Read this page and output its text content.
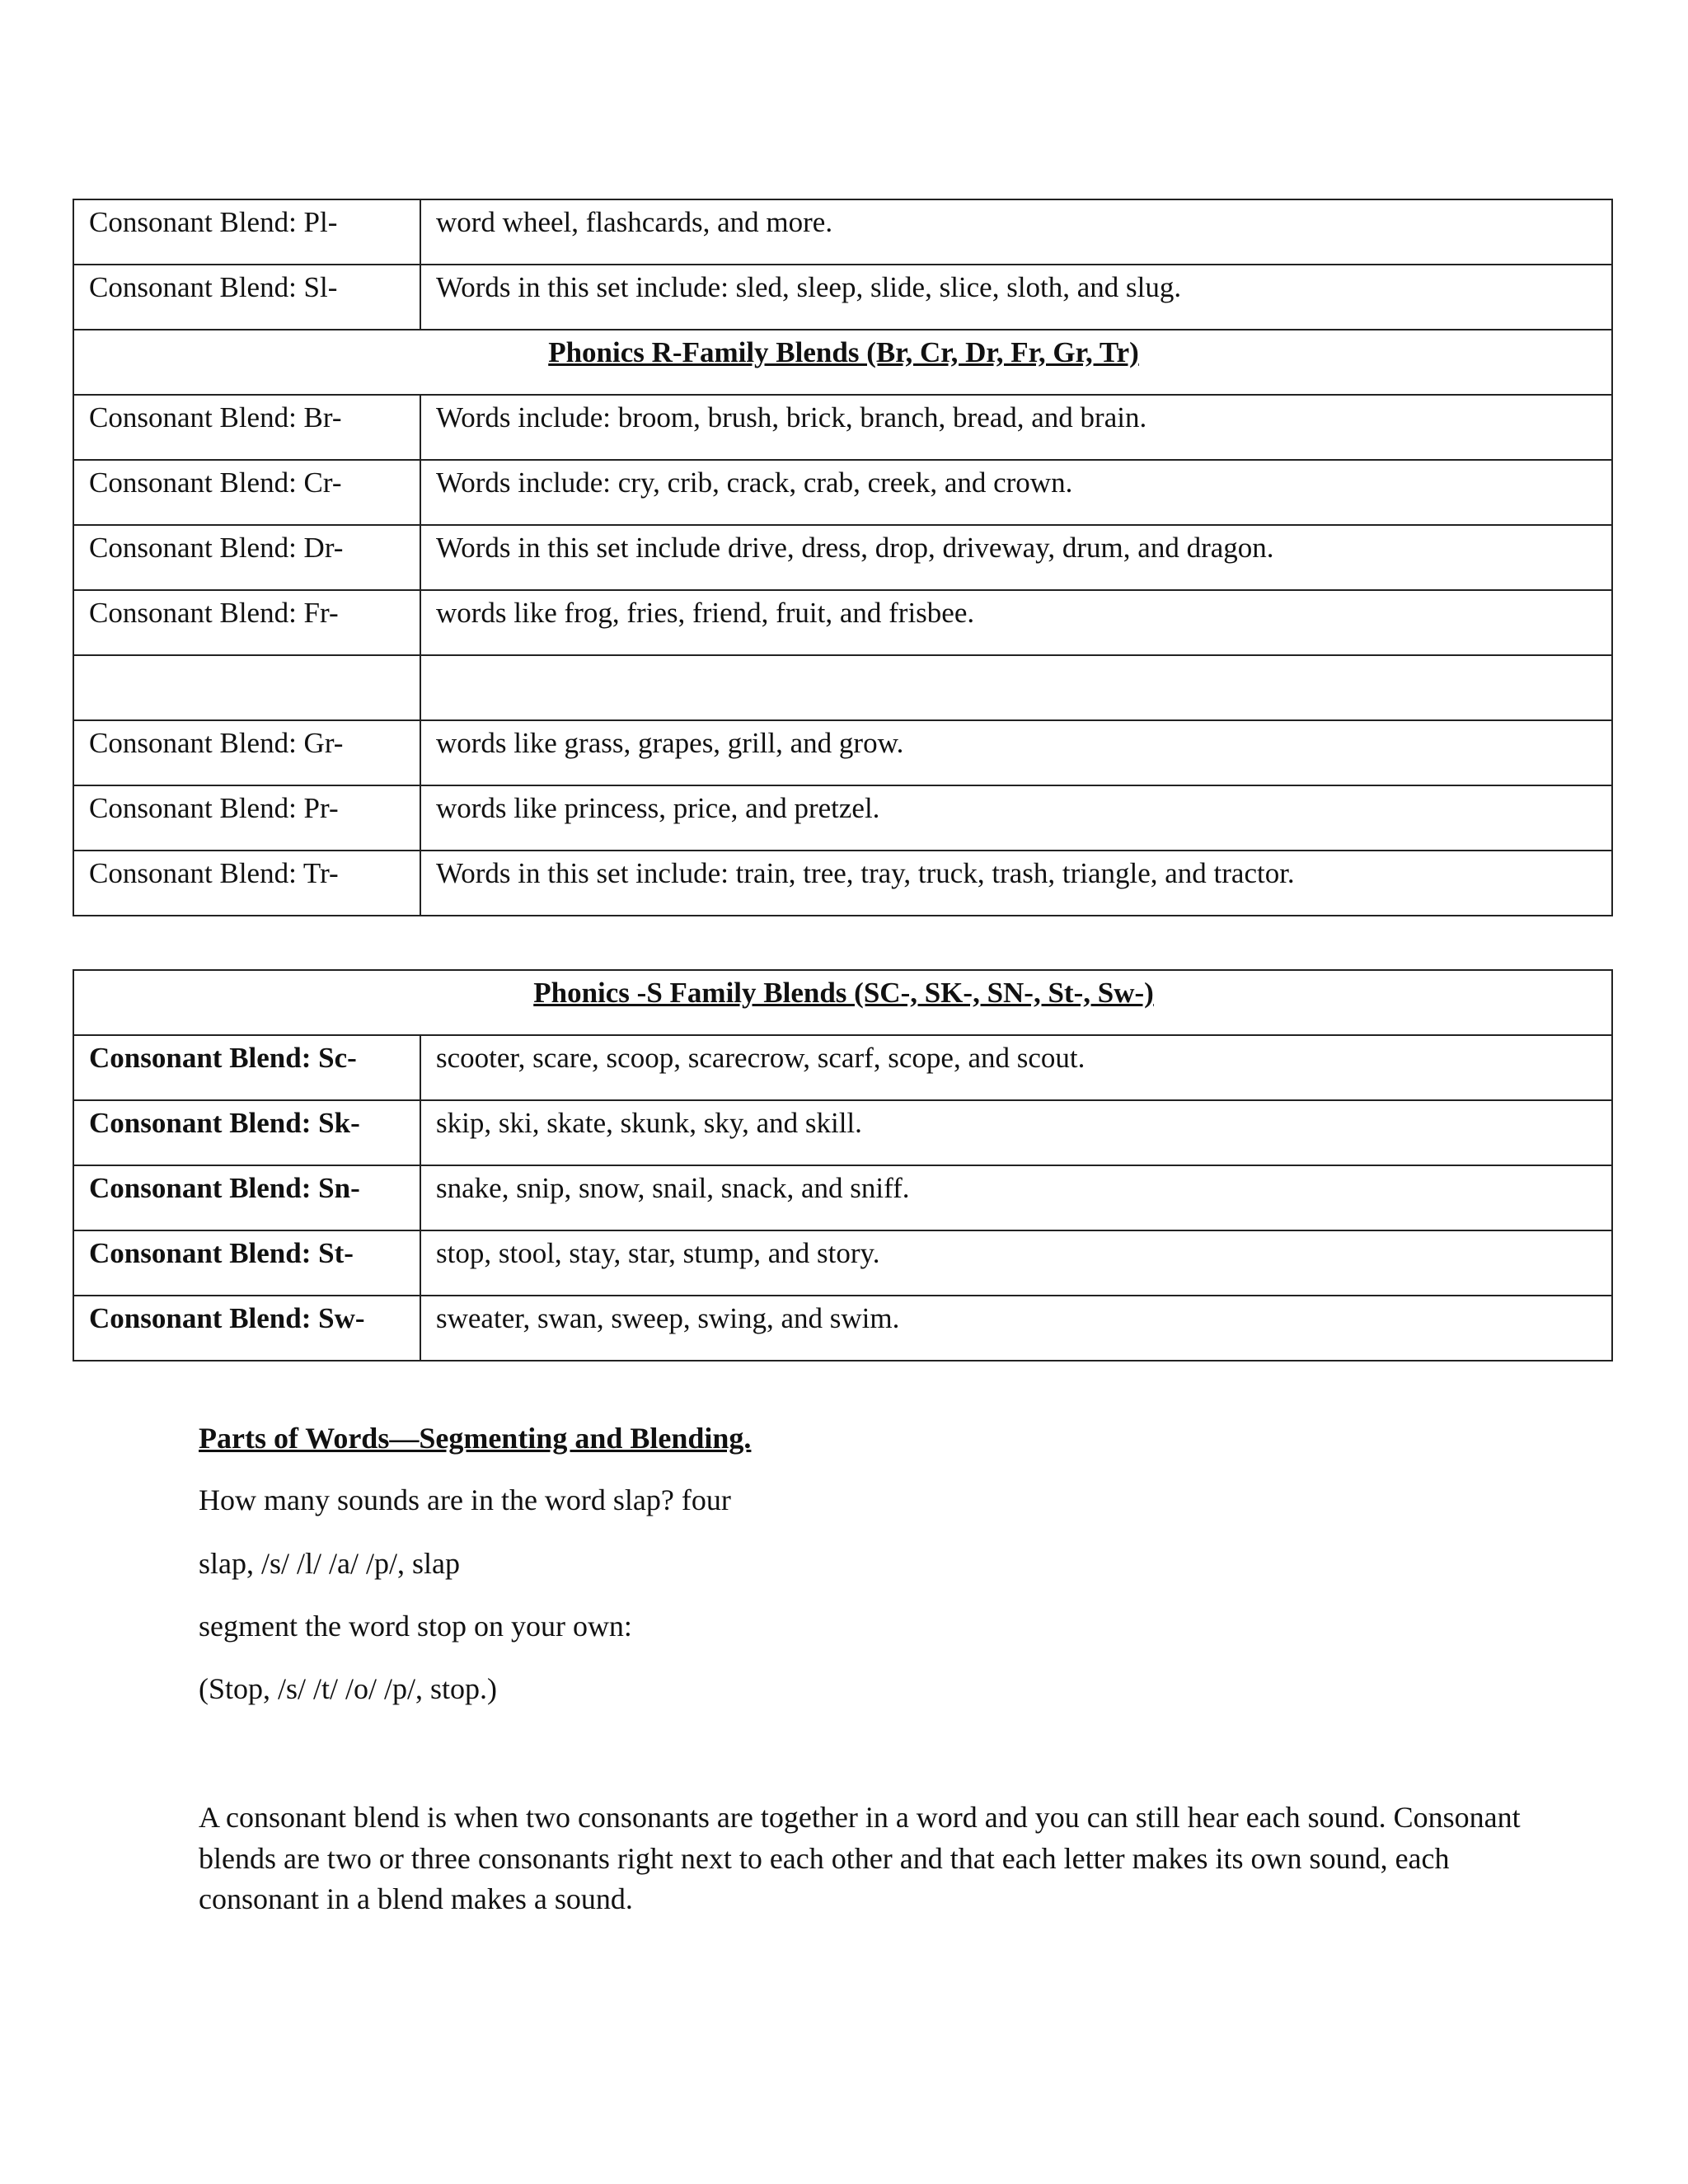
Consonant Blend: Pl-	word wheel, flashcards, and more.
Consonant Blend: Sl-	Words in this set include: sled, sleep, slide, slice, sloth, and slug.
Phonics R-Family Blends (Br, Cr, Dr, Fr, Gr, Tr)	
Consonant Blend: Br-	Words include: broom, brush, brick, branch, bread, and brain.
Consonant Blend: Cr-	Words include: cry, crib, crack, crab, creek, and crown.
Consonant Blend: Dr-	Words in this set include drive, dress, drop, driveway, drum, and dragon.
Consonant Blend: Fr-	words like frog, fries, friend, fruit, and frisbee.

Consonant Blend: Gr-	words like grass, grapes, grill, and grow.
Consonant Blend: Pr-	words like princess, price, and pretzel.
Consonant Blend: Tr-	Words in this set include: train, tree, tray, truck, trash, triangle, and tractor.
Phonics -S Family Blends (SC-, SK-, SN-, St-, Sw-)	
Consonant Blend: Sc-	scooter, scare, scoop, scarecrow, scarf, scope, and scout.
Consonant Blend: Sk-	skip, ski, skate, skunk, sky, and skill.
Consonant Blend: Sn-	snake, snip, snow, snail, snack, and sniff.
Consonant Blend: St-	stop, stool, stay, star, stump, and story.
Consonant Blend: Sw-	sweater, swan, sweep, swing, and swim.
Parts of Words—Segmenting and Blending.
How many sounds are in the word slap? four
slap, /s/ /l/ /a/ /p/, slap
segment the word stop on your own:
(Stop, /s/ /t/ /o/ /p/, stop.)
A consonant blend is when two consonants are together in a word and you can still hear each sound. Consonant blends are two or three consonants right next to each other and that each letter makes its own sound, each consonant in a blend makes a sound.
